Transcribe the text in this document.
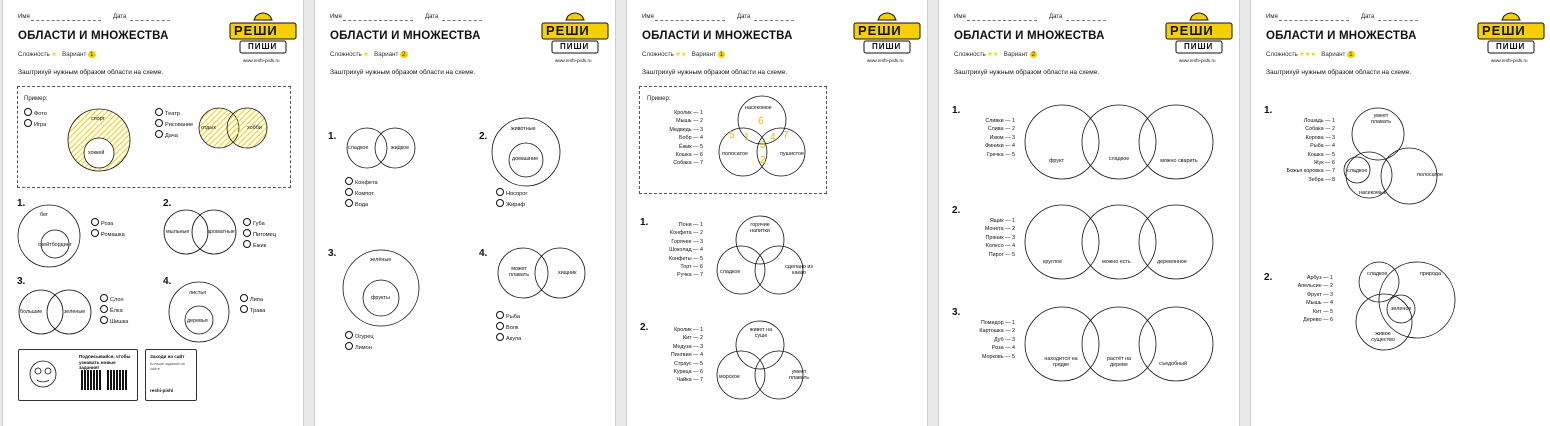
Имя	Дата
ОБЛАСТИ И МНОЖЕСТВА
Сложность ★ Вариант 1
Заштрихуй нужным образом области на схеме.
РЕШИ
ПИШИ
www.reshi-pishi.ru
Пример:
спорт
хоккей
отдых	хобби
Фото
Игра
Театр
Рисование
Дача
1.
бег
скейтбординг
Роза
Ромашка
2.
мыльные	ароматные
Губа
Питомец
Ежик
3.
большие	зеленые
Слон
Ёлка
Шишка
4.
листья
деревья
Липа
Трава
Подписывайся, чтобы узнавать новые задания!
Заходи на сайт
Больше заданий на сайте
reshi-pishi
Имя	Дата
ОБЛАСТИ И МНОЖЕСТВА
Сложность ★ Вариант 2
Заштрихуй нужным образом области на схеме.
РЕШИ
ПИШИ
www.reshi-pishi.ru
1.
сладкое	жидкое
Конфета
Компот
Вода
2.
животные
домашние
Носорог
Жираф
3.
зелёные
фрукты
Огурец
Лимон
4.
может плавать	хищник
Рыба
Волк
Акула
Имя	Дата
ОБЛАСТИ И МНОЖЕСТВА
Сложность ★★ Вариант 1
Заштрихуй нужным образом области на схеме.
РЕШИ
ПИШИ
www.reshi-pishi.ru
Пример:
Кролик — 1
Мышь — 2
Медведь — 3
Бобр — 4
Ёжик — 5
Кошка — 6
Собака — 7
насекомое
полосатое	пушистое
5 1
6
4 7
3
2
1.	Пони — 1
Конфета — 2
Горячее — 3
Шоколад — 4
Конфеты — 5
Торт — 6
Ручка — 7
горячие напитки
сладкое
сделано из какао
2.	Кролик — 1
Кит — 2
Медуза — 3
Пингвин — 4
Страус — 5
Курица — 6
Чайка — 7
живет на суше
морское
умеет плавать
Имя	Дата
ОБЛАСТИ И МНОЖЕСТВА
Сложность ★★ Вариант 2
Заштрихуй нужным образом области на схеме.
РЕШИ
ПИШИ
www.reshi-pishi.ru
1.
Сливки — 1
Слива — 2
Изюм — 3
Финики — 4
Гречка — 5
фрукт	сладкое	можно сварить
2.
Ящик — 1
Монета — 2
Пряник — 3
Колесо — 4
Пирог — 5
круглое	можно есть	деревянное
3.
Помидор — 1
Картошка — 2
Дуб — 3
Роза — 4
Морковь — 5	находится на грядке
растёт на дереве	съедобный
Имя	Дата
ОБЛАСТИ И МНОЖЕСТВА
Сложность ★★★ Вариант 1
Заштрихуй нужным образом области на схеме.
РЕШИ
ПИШИ
www.reshi-pishi.ru
1.
Лошадь — 1
Собака — 2
Корова — 3
Рыба — 4
Кошка — 5
Жук — 6
Божья коровка — 7
Зебра — 8
умеет плавать
сладкое
полосатое
насекомые
2.	Арбуз — 1
Апельсин — 2
Фрукт — 3
Мышь — 4
Кит — 5
Дерево — 6
сладкое	природа
зеленое
живое существо
